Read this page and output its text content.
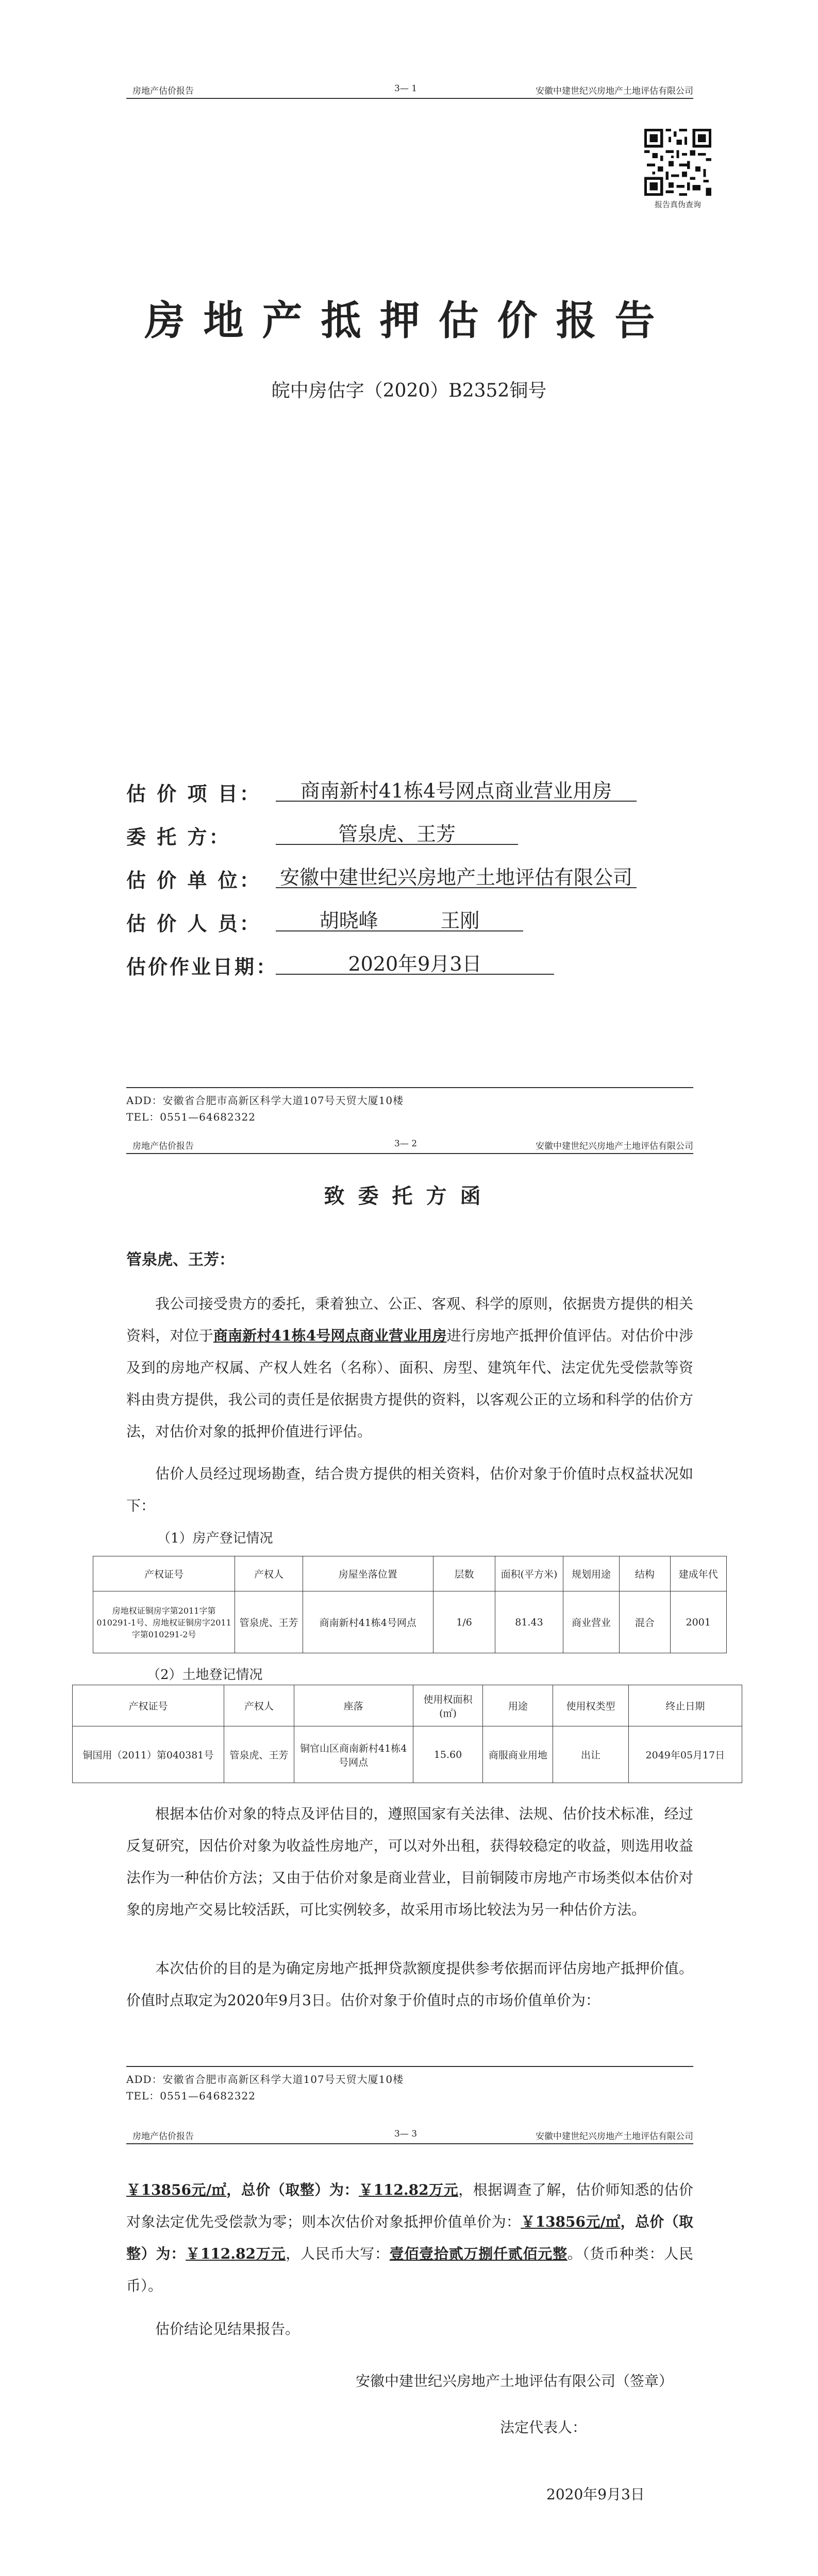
房地产估价报告	3— 1	安徽中建世纪兴房地产土地评估有限公司
报告真伪查询
房地产抵押估价报告
皖中房估字（2020）B2352铜号
估 价 项 目：	商南新村41栋4号网点商业营业用房
委 托 方：	管泉虎、王芳
估 价 单 位： 安徽中建世纪兴房地产土地评估有限公司
估 价 人 员：	胡晓峰          王刚
估价作业日期：	2020年9月3日
ADD：安徽省合肥市高新区科学大道107号天贸大厦10楼
TEL：0551—64682322
房地产估价报告	3— 2	安徽中建世纪兴房地产土地评估有限公司
致委托方函
管泉虎、王芳：
我公司接受贵方的委托，秉着独立、公正、客观、科学的原则，依据贵方提供的相关资料，对位于商南新村41栋4号网点商业营业用房进行房地产抵押价值评估。对估价中涉及到的房地产权属、产权人姓名（名称）、面积、房型、建筑年代、法定优先受偿款等资料由贵方提供，我公司的责任是依据贵方提供的资料，以客观公正的立场和科学的估价方法，对估价对象的抵押价值进行评估。
估价人员经过现场勘查，结合贵方提供的相关资料，估价对象于价值时点权益状况如下：
（1）房产登记情况
产权证号	产权人	房屋坐落位置	层数	面积(平方米)	规划用途	结构	建成年代
房地权证铜房字第2011字第010291-1号、房地权证铜房字2011字第010291-2号	管泉虎、王芳	商南新村41栋4号网点	1/6	81.43	商业营业	混合	2001
（2）土地登记情况
产权证号	产权人	座落	使用权面积(㎡)	用途	使用权类型	终止日期
铜国用（2011）第040381号	管泉虎、王芳	铜官山区商南新村41栋4号网点	15.60	商服商业用地	出让	2049年05月17日
根据本估价对象的特点及评估目的，遵照国家有关法律、法规、估价技术标准，经过反复研究，因估价对象为收益性房地产，可以对外出租，获得较稳定的收益，则选用收益法作为一种估价方法；又由于估价对象是商业营业，目前铜陵市房地产市场类似本估价对象的房地产交易比较活跃，可比实例较多，故采用市场比较法为另一种估价方法。
本次估价的目的是为确定房地产抵押贷款额度提供参考依据而评估房地产抵押价值。价值时点取定为2020年9月3日。估价对象于价值时点的市场价值单价为：
ADD：安徽省合肥市高新区科学大道107号天贸大厦10楼
TEL：0551—64682322
房地产估价报告	3— 3	安徽中建世纪兴房地产土地评估有限公司
￥13856元/㎡，总价（取整）为：￥112.82万元，根据调查了解，估价师知悉的估价对象法定优先受偿款为零；则本次估价对象抵押价值单价为：￥13856元/㎡，总价（取整）为：￥112.82万元，人民币大写：壹佰壹拾贰万捌仟贰佰元整。（货币种类：人民币）。
估价结论见结果报告。
安徽中建世纪兴房地产土地评估有限公司（签章）
法定代表人：
2020年9月3日
